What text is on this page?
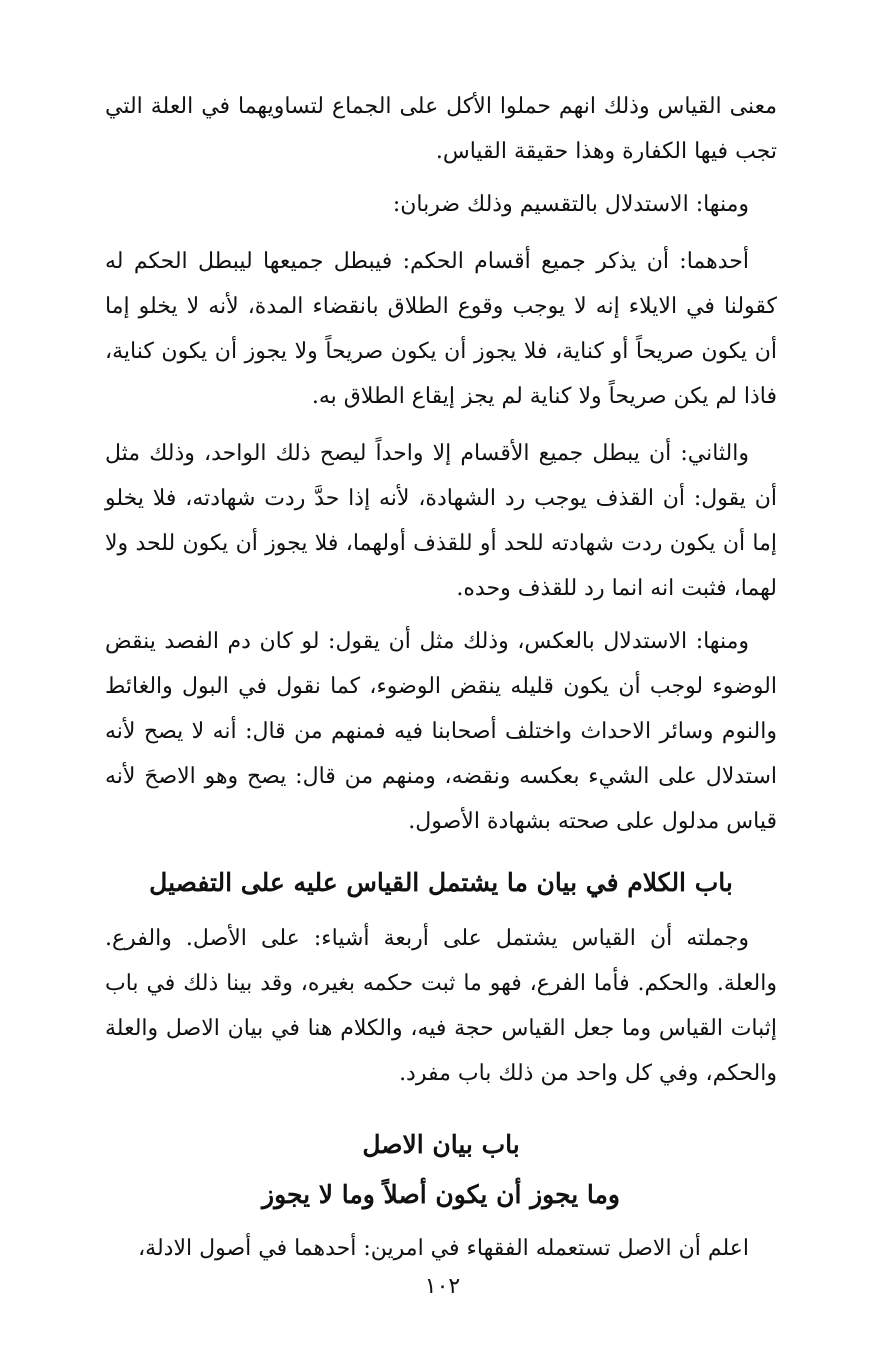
معنى القياس وذلك انهم حملوا الأكل على الجماع لتساويهما في العلة التي تجب فيها الكفارة وهذا حقيقة القياس.

ومنها: الاستدلال بالتقسيم وذلك ضربان:

أحدهما: أن يذكر جميع أقسام الحكم: فيبطل جميعها ليبطل الحكم له كقولنا في الايلاء إنه لا يوجب وقوع الطلاق بانقضاء المدة، لأنه لا يخلو إما أن يكون صريحاً أو كناية، فلا يجوز أن يكون صريحاً ولا يجوز أن يكون كناية، فاذا لم يكن صريحاً ولا كناية لم يجز إيقاع الطلاق به.

والثاني: أن يبطل جميع الأقسام إلا واحداً ليصح ذلك الواحد، وذلك مثل أن يقول: أن القذف يوجب رد الشهادة، لأنه إذا حدَّ ردت شهادته، فلا يخلو إما أن يكون ردت شهادته للحد أو للقذف أولهما، فلا يجوز أن يكون للحد ولا لهما، فثبت انه انما رد للقذف وحده.

ومنها: الاستدلال بالعكس، وذلك مثل أن يقول: لو كان دم الفصد ينقض الوضوء لوجب أن يكون قليله ينقض الوضوء، كما نقول في البول والغائط والنوم وسائر الاحداث واختلف أصحابنا فيه فمنهم من قال: أنه لا يصح لأنه استدلال على الشيء بعكسه ونقضه، ومنهم من قال: يصح وهو الاصحَ لأنه قياس مدلول على صحته بشهادة الأصول.

باب الكلام في بيان ما يشتمل القياس عليه على التفصيل

وجملته أن القياس يشتمل على أربعة أشياء: على الأصل. والفرع. والعلة. والحكم. فأما الفرع، فهو ما ثبت حكمه بغيره، وقد بينا ذلك في باب إثبات القياس وما جعل القياس حجة فيه، والكلام هنا في بيان الاصل والعلة والحكم، وفي كل واحد من ذلك باب مفرد.

باب بيان الاصل
وما يجوز أن يكون أصلاً وما لا يجوز

اعلم أن الاصل تستعمله الفقهاء في امرين: أحدهما في أصول الادلة،

١٠٢
